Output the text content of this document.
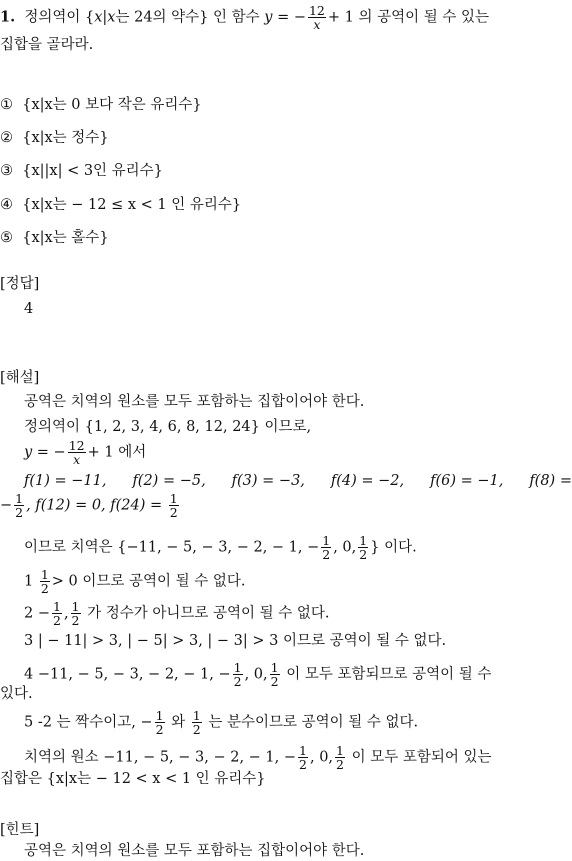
1. 정의역이 {x|x는 24의 약수} 인 함수 y = − $\frac{12}{x} + 1$ 의 공역이 될 수 있는
집합을 골라라.
① {x|x는 0 보다 작은 유리수}
② {x|x는 정수}
③ {x||x| < 3인 유리수}
④ {x|x는 − 12 ≤ x < 1 인 유리수}
⑤ {x|x는 홀수}
[정답]
4
[해설]
공역은 치역의 원소를 모두 포함하는 집합이어야 한다.
정의역이 {1, 2, 3, 4, 6, 8, 12, 24} 이므로,
y = − $\frac{12}{x} + 1$ 에서
f(1) = −11, f(2) = −5, f(3) = −3, f(4) = −2, f(6) = −1, f(8) =
− $\frac{1}{2}$ , f(12) = 0, $f(24) = \frac{1}{2}$
이므로 치역은 {−11, − 5, − 3, − 2, − 1, − $\frac{1}{2}$ , 0, $\frac{1}{2}$ } 이다.
$1 \frac{1}{2} > 0$ 이므로 공역이 될 수 없다.
$2 - \frac{1}{2}$ , $\frac{1}{2}$ 가 정수가 아니므로 공역이 될 수 없다.
3 | − 11| > 3, | − 5| > 3, | − 3| > 3 이므로 공역이 될 수 없다.
4 −11, − 5, − 3, − 2, − 1, − $\frac{1}{2}$ , 0, $\frac{1}{2}$ 이 모두 포함되므로 공역이 될 수
있다.
5 -2 는 짝수이고, − $\frac{1}{2}$ 와 $\frac{1}{2}$ 는 분수이므로 공역이 될 수 없다.
치역의 원소 −11, − 5, − 3, − 2, − 1, − $\frac{1}{2}$ , 0, $\frac{1}{2}$ 이 모두 포함되어 있는
집합은 {x|x는 − 12 < x < 1 인 유리수}
[힌트]
공역은 치역의 원소를 모두 포함하는 집합이어야 한다.
